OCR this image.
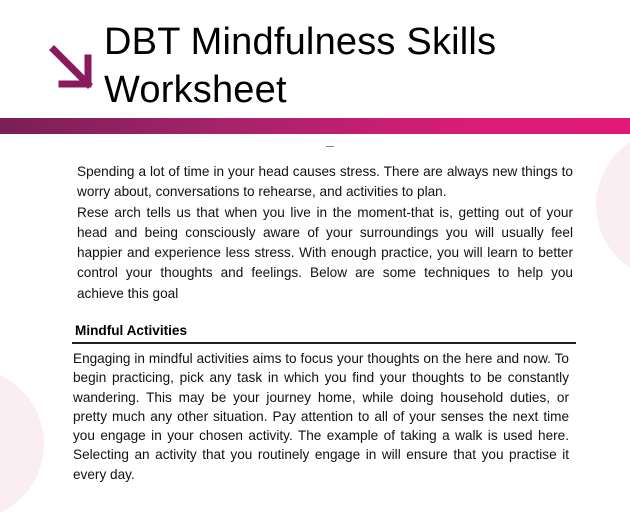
DBT Mindfulness Skills
Worksheet

Spending a lot of time in your head causes stress. There are always new things to worry about, conversations to rehearse, and activities to plan.

Rese arch tells us that when you live in the moment-that is, getting out of your head and being consciously aware of your surroundings you will usually feel happier and experience less stress. With enough practice, you will learn to better control your thoughts and feelings. Below are some techniques to help you achieve this goal

Mindful Activities

Engaging in mindful activities aims to focus your thoughts on the here and now. To begin practicing, pick any task in which you find your thoughts to be constantly wandering. This may be your journey home, while doing household duties, or pretty much any other situation. Pay attention to all of your senses the next time you engage in your chosen activity. The example of taking a walk is used here. Selecting an activity that you routinely engage in will ensure that you practise it every day.
